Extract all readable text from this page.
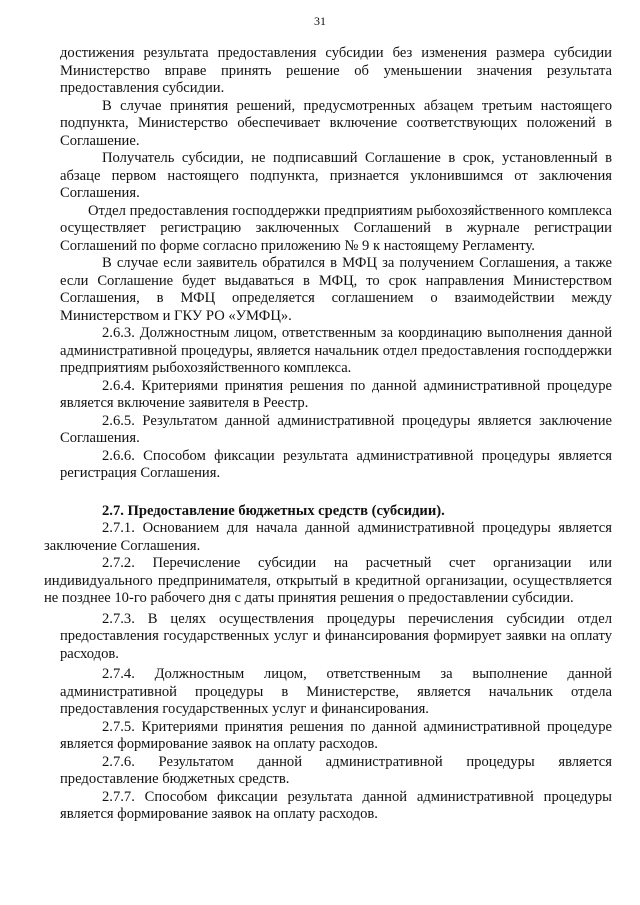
31

достижения результата предоставления субсидии без изменения размера субсидии Министерство вправе принять решение об уменьшении значения результата предоставления субсидии.

В случае принятия решений, предусмотренных абзацем третьим настоящего подпункта, Министерство обеспечивает включение соответствующих положений в Соглашение.

Получатель субсидии, не подписавший Соглашение в срок, установленный в абзаце первом настоящего подпункта, признается уклонившимся от заключения Соглашения.

Отдел предоставления господдержки предприятиям рыбохозяйственного комплекса осуществляет регистрацию заключенных Соглашений в журнале регистрации Соглашений по форме согласно приложению № 9 к настоящему Регламенту.

В случае если заявитель обратился в МФЦ за получением Соглашения, а также если Соглашение будет выдаваться в МФЦ, то срок направления Министерством Соглашения, в МФЦ определяется соглашением о взаимодействии между Министерством и ГКУ РО «УМФЦ».

2.6.3. Должностным лицом, ответственным за координацию выполнения данной административной процедуры, является начальник отдел предоставления господдержки предприятиям рыбохозяйственного комплекса.

2.6.4. Критериями принятия решения по данной административной процедуре является включение заявителя в Реестр.

2.6.5. Результатом данной административной процедуры является заключение Соглашения.

2.6.6. Способом фиксации результата административной процедуры является регистрация Соглашения.

2.7. Предоставление бюджетных средств (субсидии).

2.7.1. Основанием для начала данной административной процедуры является заключение Соглашения.

2.7.2. Перечисление субсидии на расчетный счет организации или индивидуального предпринимателя, открытый в кредитной организации, осуществляется не позднее 10-го рабочего дня с даты принятия решения о предоставлении субсидии.

2.7.3. В целях осуществления процедуры перечисления субсидии отдел предоставления государственных услуг и финансирования формирует заявки на оплату расходов.

2.7.4. Должностным лицом, ответственным за выполнение данной административной процедуры в Министерстве, является начальник отдела предоставления государственных услуг и финансирования.

2.7.5. Критериями принятия решения по данной административной процедуре является формирование заявок на оплату расходов.

2.7.6. Результатом данной административной процедуры является предоставление бюджетных средств.

2.7.7. Способом фиксации результата данной административной процедуры является формирование заявок на оплату расходов.
